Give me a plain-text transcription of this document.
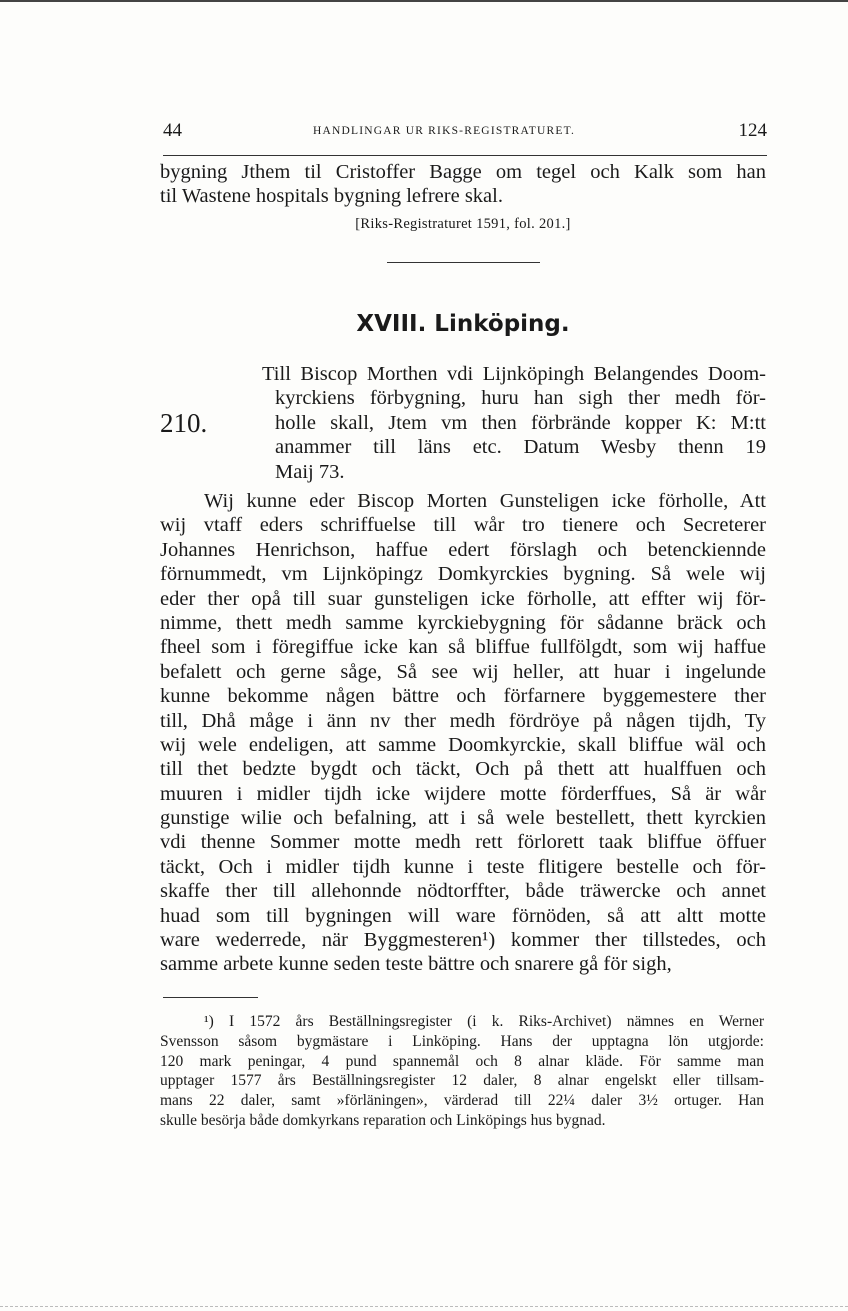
44	HANDLINGAR UR RIKS-REGISTRATURET.	124
bygning Jthem til Cristoffer Bagge om tegel och Kalk som han
til Wastene hospitals bygning lefrere skal.
[Riks-Registraturet 1591, fol. 201.]
XVIII. Linköping.
210.
Till Biscop Morthen vdi Lijnköpingh Belangendes Doom-
kyrckiens förbygning, huru han sigh ther medh för-
holle skall, Jtem vm then förbrände kopper K: M:tt
anammer till läns etc. Datum Wesby thenn 19
Maij 73.
Wij kunne eder Biscop Morten Gunsteligen icke förholle, Att
wij vtaff eders schriffuelse till wår tro tienere och Secreterer
Johannes Henrichson, haffue edert förslagh och betenckiennde
förnummedt, vm Lijnköpingz Domkyrckies bygning. Så wele wij
eder ther opå till suar gunsteligen icke förholle, att effter wij för-
nimme, thett medh samme kyrckiebygning för sådanne bräck och
fheel som i föregiffue icke kan så bliffue fullfölgdt, som wij haffue
befalett och gerne såge, Så see wij heller, att huar i ingelunde
kunne bekomme någen bättre och förfarnere byggemestere ther
till, Dhå måge i änn nv ther medh fördröye på någen tijdh, Ty
wij wele endeligen, att samme Doomkyrckie, skall bliffue wäl och
till thet bedzte bygdt och täckt, Och på thett att hualffuen och
muuren i midler tijdh icke wijdere motte förderffues, Så är wår
gunstige wilie och befalning, att i så wele bestellett, thett kyrckien
vdi thenne Sommer motte medh rett förlorett taak bliffue öffuer
täckt, Och i midler tijdh kunne i teste flitigere bestelle och för-
skaffe ther till allehonnde nödtorffter, både träwercke och annet
huad som till bygningen will ware förnöden, så att altt motte
ware wederrede, när Byggmesteren¹) kommer ther tillstedes, och
samme arbete kunne seden teste bättre och snarere gå för sigh,
¹) I 1572 års Beställningsregister (i k. Riks-Archivet) nämnes en Werner
Svensson såsom bygmästare i Linköping. Hans der upptagna lön utgjorde:
120 mark peningar, 4 pund spannemål och 8 alnar kläde. För samme man
upptager 1577 års Beställningsregister 12 daler, 8 alnar engelskt eller tillsam-
mans 22 daler, samt »förläningen», värderad till 22¼ daler 3½ ortuger. Han
skulle besörja både domkyrkans reparation och Linköpings hus bygnad.
